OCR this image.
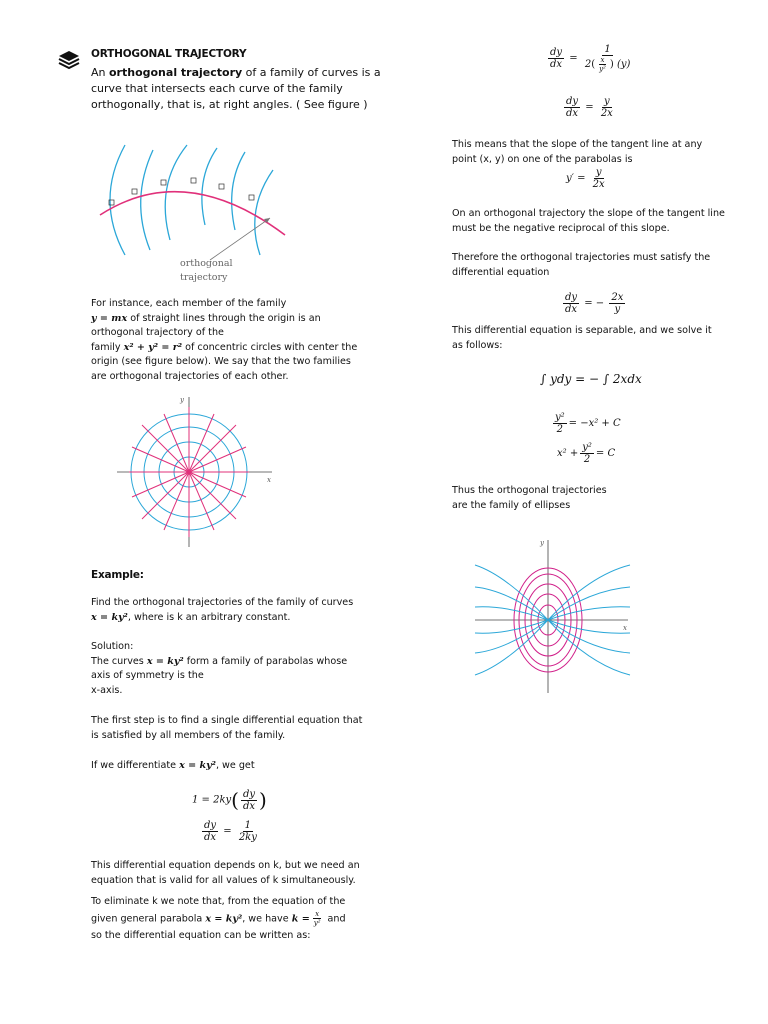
ORTHOGONAL TRAJECTORY
An orthogonal trajectory of a family of curves is a
curve that intersects each curve of the family
orthogonally, that is, at right angles. ( See figure )
orthogonal
trajectory
For instance, each member of the family
y = mx of straight lines through the origin is an
orthogonal trajectory of the
family x² + y² = r² of concentric circles with center the
origin (see figure below). We say that the two families
are orthogonal trajectories of each other.
y
x
Example:
Find the orthogonal trajectories of the family of curves
x = ky², where is k an arbitrary constant.
Solution:
The curves x = ky² form a family of parabolas whose
axis of symmetry is the
x-axis.
The first step is to find a single differential equation that
is satisfied by all members of the family.
If we differentiate x = ky², we get
$1 = 2ky( \frac{dy}{dx}$ )
$\frac{dy}{dx} = \frac{1}{2ky}$
This differential equation depends on k, but we need an
equation that is valid for all values of k simultaneously.
To eliminate k we note that, from the equation of the
given general parabola x = ky², we have $k = \frac{x}{\text{y²}}$ and
so the differential equation can be written as:
$\frac{dy}{dx} = \frac{1}{2( \frac{x}{\text{y²}} ) (y)}$
$\frac{dy}{dx} = \frac{y}{2x}$
This means that the slope of the tangent line at any
point (x, y) on one of the parabolas is
$y' = \frac{y}{2x}$
On an orthogonal trajectory the slope of the tangent line
must be the negative reciprocal of this slope.
Therefore the orthogonal trajectories must satisfy the
differential equation
$\frac{dy}{dx}$ = − $\frac{2x}{y}$
This differential equation is separable, and we solve it
as follows:
∫ ydy = − ∫ 2xdx
$\frac{\text{y²}}{2} = -x^2 + C$
$x^2 + \frac{\text{y²}}{2} = C$
Thus the orthogonal trajectories
are the family of ellipses
y
x
